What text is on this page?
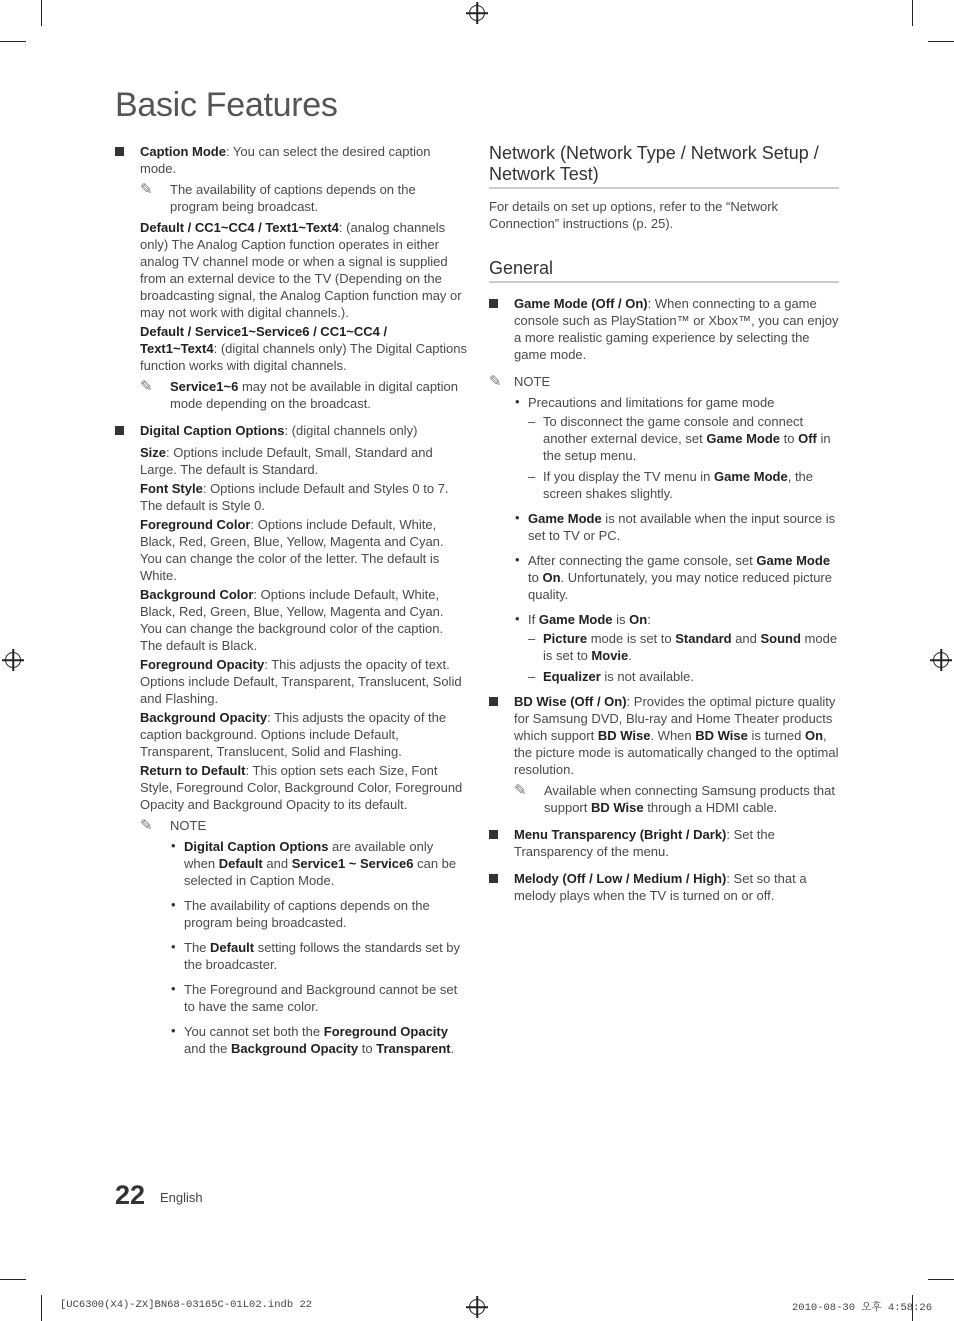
Basic Features

Caption Mode: You can select the desired caption mode.

✎ The availability of captions depends on the program being broadcast.

Default / CC1~CC4 / Text1~Text4: (analog channels only) The Analog Caption function operates in either analog TV channel mode or when a signal is supplied from an external device to the TV (Depending on the broadcasting signal, the Analog Caption function may or may not work with digital channels.).

Default / Service1~Service6 / CC1~CC4 / Text1~Text4: (digital channels only) The Digital Captions function works with digital channels.

✎ Service1~6 may not be available in digital caption mode depending on the broadcast.

Digital Caption Options: (digital channels only)

Size: Options include Default, Small, Standard and Large. The default is Standard.

Font Style: Options include Default and Styles 0 to 7. The default is Style 0.

Foreground Color: Options include Default, White, Black, Red, Green, Blue, Yellow, Magenta and Cyan. You can change the color of the letter. The default is White.

Background Color: Options include Default, White, Black, Red, Green, Blue, Yellow, Magenta and Cyan. You can change the background color of the caption. The default is Black.

Foreground Opacity: This adjusts the opacity of text. Options include Default, Transparent, Translucent, Solid and Flashing.

Background Opacity: This adjusts the opacity of the caption background. Options include Default, Transparent, Translucent, Solid and Flashing.

Return to Default: This option sets each Size, Font Style, Foreground Color, Background Color, Foreground Opacity and Background Opacity to its default.

✎ NOTE
• Digital Caption Options are available only when Default and Service1 ~ Service6 can be selected in Caption Mode.
• The availability of captions depends on the program being broadcasted.
• The Default setting follows the standards set by the broadcaster.
• The Foreground and Background cannot be set to have the same color.
• You cannot set both the Foreground Opacity and the Background Opacity to Transparent.
Network (Network Type / Network Setup / Network Test)

For details on set up options, refer to the “Network Connection” instructions (p. 25).

General

Game Mode (Off / On): When connecting to a game console such as PlayStation™ or Xbox™, you can enjoy a more realistic gaming experience by selecting the game mode.

✎ NOTE
• Precautions and limitations for game mode
– To disconnect the game console and connect another external device, set Game Mode to Off in the setup menu.
– If you display the TV menu in Game Mode, the screen shakes slightly.
• Game Mode is not available when the input source is set to TV or PC.
• After connecting the game console, set Game Mode to On. Unfortunately, you may notice reduced picture quality.
• If Game Mode is On:
– Picture mode is set to Standard and Sound mode is set to Movie.
– Equalizer is not available.

BD Wise (Off / On): Provides the optimal picture quality for Samsung DVD, Blu-ray and Home Theater products which support BD Wise. When BD Wise is turned On, the picture mode is automatically changed to the optimal resolution.

✎ Available when connecting Samsung products that support BD Wise through a HDMI cable.

Menu Transparency (Bright / Dark): Set the Transparency of the menu.

Melody (Off / Low / Medium / High): Set so that a melody plays when the TV is turned on or off.

22 English
[UC6300(X4)-ZX]BN68-03165C-01L02.indb 22	2010-08-30 오후 4:58:26
